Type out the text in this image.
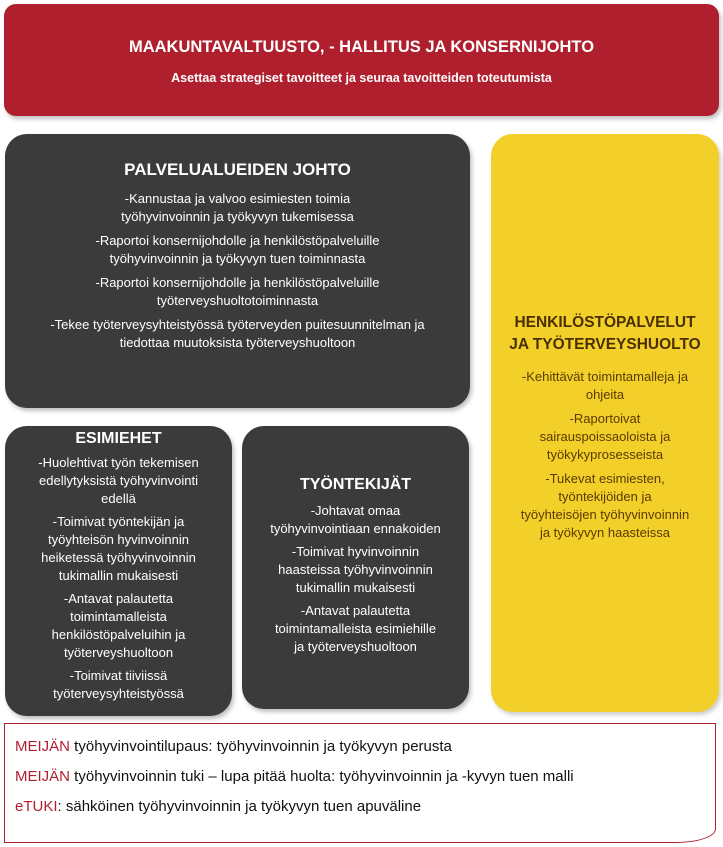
MAAKUNTAVALTUUSTO, - HALLITUS JA KONSERNIJOHTO
Asettaa strategiset tavoitteet ja seuraa tavoitteiden toteutumista
PALVELUALUEIDEN JOHTO
-Kannustaa ja valvoo esimiesten toimia
työhyvinvoinnin ja työkyvyn tukemisessa
-Raportoi konsernijohdolle ja henkilöstöpalveluille
työhyvinvoinnin ja työkyvyn tuen toiminnasta
-Raportoi konsernijohdolle ja henkilöstöpalveluille
työterveyshuoltotoiminnasta
-Tekee työterveysyhteistyössä työterveyden puitesuunnitelman ja
tiedottaa muutoksista työterveyshuoltoon
ESIMIEHET
-Huolehtivat työn tekemisen
edellytyksistä työhyvinvointi
edellä
-Toimivat työntekijän ja
työyhteisön hyvinvoinnin
heiketessä työhyvinvoinnin
tukimallin mukaisesti
-Antavat palautetta
toimintamalleista
henkilöstöpalveluihin ja
työterveyshuoltoon
-Toimivat tiiviissä
työterveysyhteistyössä
TYÖNTEKIJÄT
-Johtavat omaa
työhyvinvointiaan ennakoiden
-Toimivat hyvinvoinnin
haasteissa työhyvinvoinnin
tukimallin mukaisesti
-Antavat palautetta
toimintamalleista esimiehille
ja työterveyshuoltoon
HENKILÖSTÖPALVELUT
JA TYÖTERVEYSHUOLTO
-Kehittävät toimintamalleja ja
ohjeita
-Raportoivat
sairauspoissaoloista ja
työkykyprosesseista
-Tukevat esimiesten,
työntekijöiden ja
työyhteisöjen työhyvinvoinnin
ja työkyvyn haasteissa
MEIJÄN työhyvinvointilupaus: työhyvinvoinnin ja työkyvyn perusta
MEIJÄN työhyvinvoinnin tuki – lupa pitää huolta: työhyvinvoinnin ja -kyvyn tuen malli
eTUKI: sähköinen työhyvinvoinnin ja työkyvyn tuen apuväline
